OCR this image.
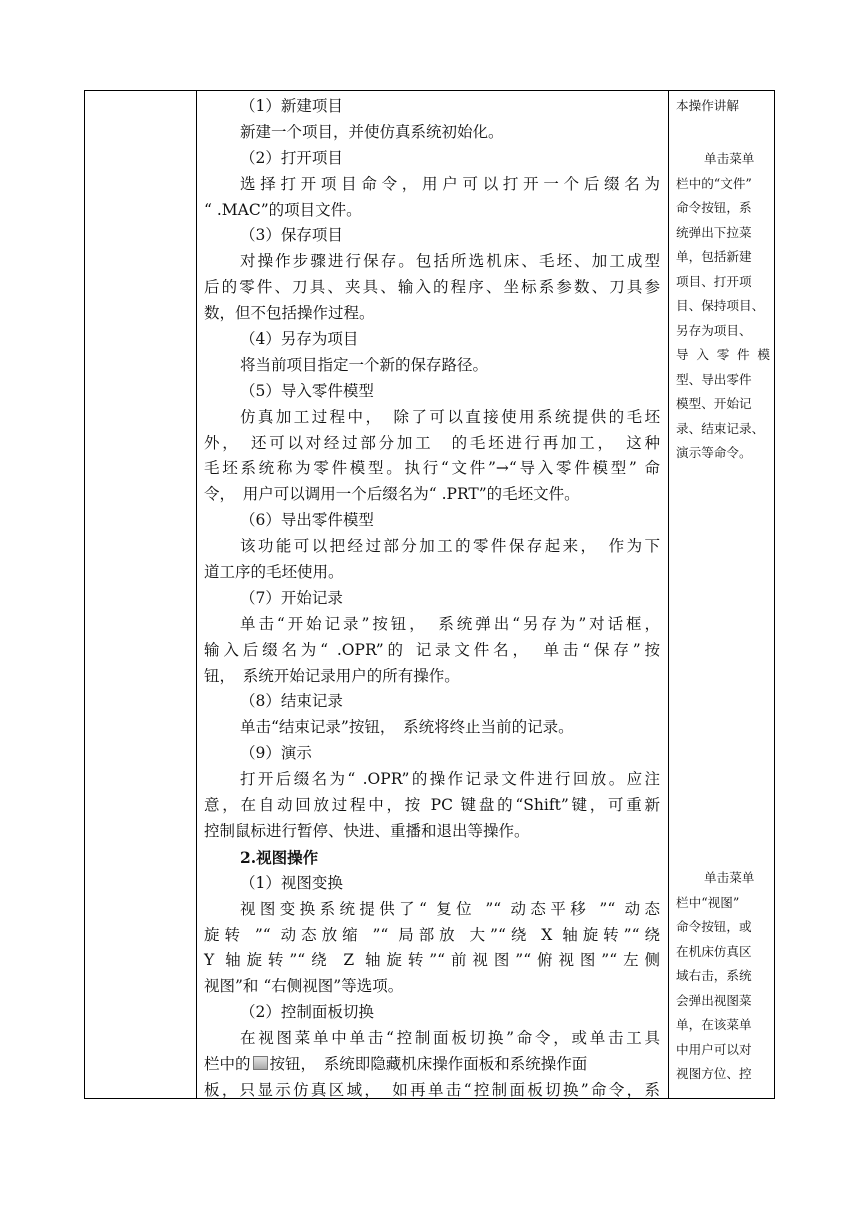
（1）新建项目
新建一个项目，并使仿真系统初始化。
（2）打开项目
选择打开项目命令，用户可以打开一个后缀名为
“ .MAC”的项目文件。
（3）保存项目
对操作步骤进行保存。包括所选机床、毛坯、加工成型
后的零件、刀具、夹具、输入的程序、坐标系参数、刀具参
数，但不包括操作过程。
（4）另存为项目
将当前项目指定一个新的保存路径。
（5）导入零件模型
仿真加工过程中，　除了可以直接使用系统提供的毛坯
外，　还可以对经过部分加工　的毛坯进行再加工，　这种
毛坯系统称为零件模型。执行“文件”→“导入零件模型” 命
令，　用户可以调用一个后缀名为“ .PRT”的毛坯文件。
（6）导出零件模型
该功能可以把经过部分加工的零件保存起来，　作为下
道工序的毛坯使用。
（7）开始记录
单击“开始记录”按钮，　系统弹出“另存为”对话框，
输入后缀名为“ .OPR”的 记录文件名，　单击“保存”按
钮，　系统开始记录用户的所有操作。
（8）结束记录
单击“结束记录”按钮，　系统将终止当前的记录。
（9）演示
打开后缀名为“ .OPR”的操作记录文件进行回放。应注
意，在自动回放过程中，按 PC 键盘的“Shift”键，可重新
控制鼠标进行暂停、快进、重播和退出等操作。
2.视图操作
（1）视图变换
视图变换系统提供了“ 复位 ”“ 动态平移 ”“ 动态
旋转 ”“ 动态放缩 ”“ 局部放 大”“绕 X 轴旋转”“绕
Y 轴旋转”“绕 Z 轴旋转”“前视图”“俯视图”“左侧
视图”和 “右侧视图”等选项。
（2）控制面板切换
在视图菜单中单击“控制面板切换”命令，或单击工具
栏中的 按钮，　系统即隐藏机床操作面板和系统操作面
板，只显示仿真区域，　如再单击“控制面板切换”命令，系
本操作讲解
单击菜单
栏中的“文件”
命令按钮，系
统弹出下拉菜
单，包括新建
项目、打开项
目、保持项目、
另存为项目、
导入零件模
型、导出零件
模型、开始记
录、结束记录、
演示等命令。
单击菜单
栏中“视图”
命令按钮，或
在机床仿真区
域右击，系统
会弹出视图菜
单，在该菜单
中用户可以对
视图方位、控
